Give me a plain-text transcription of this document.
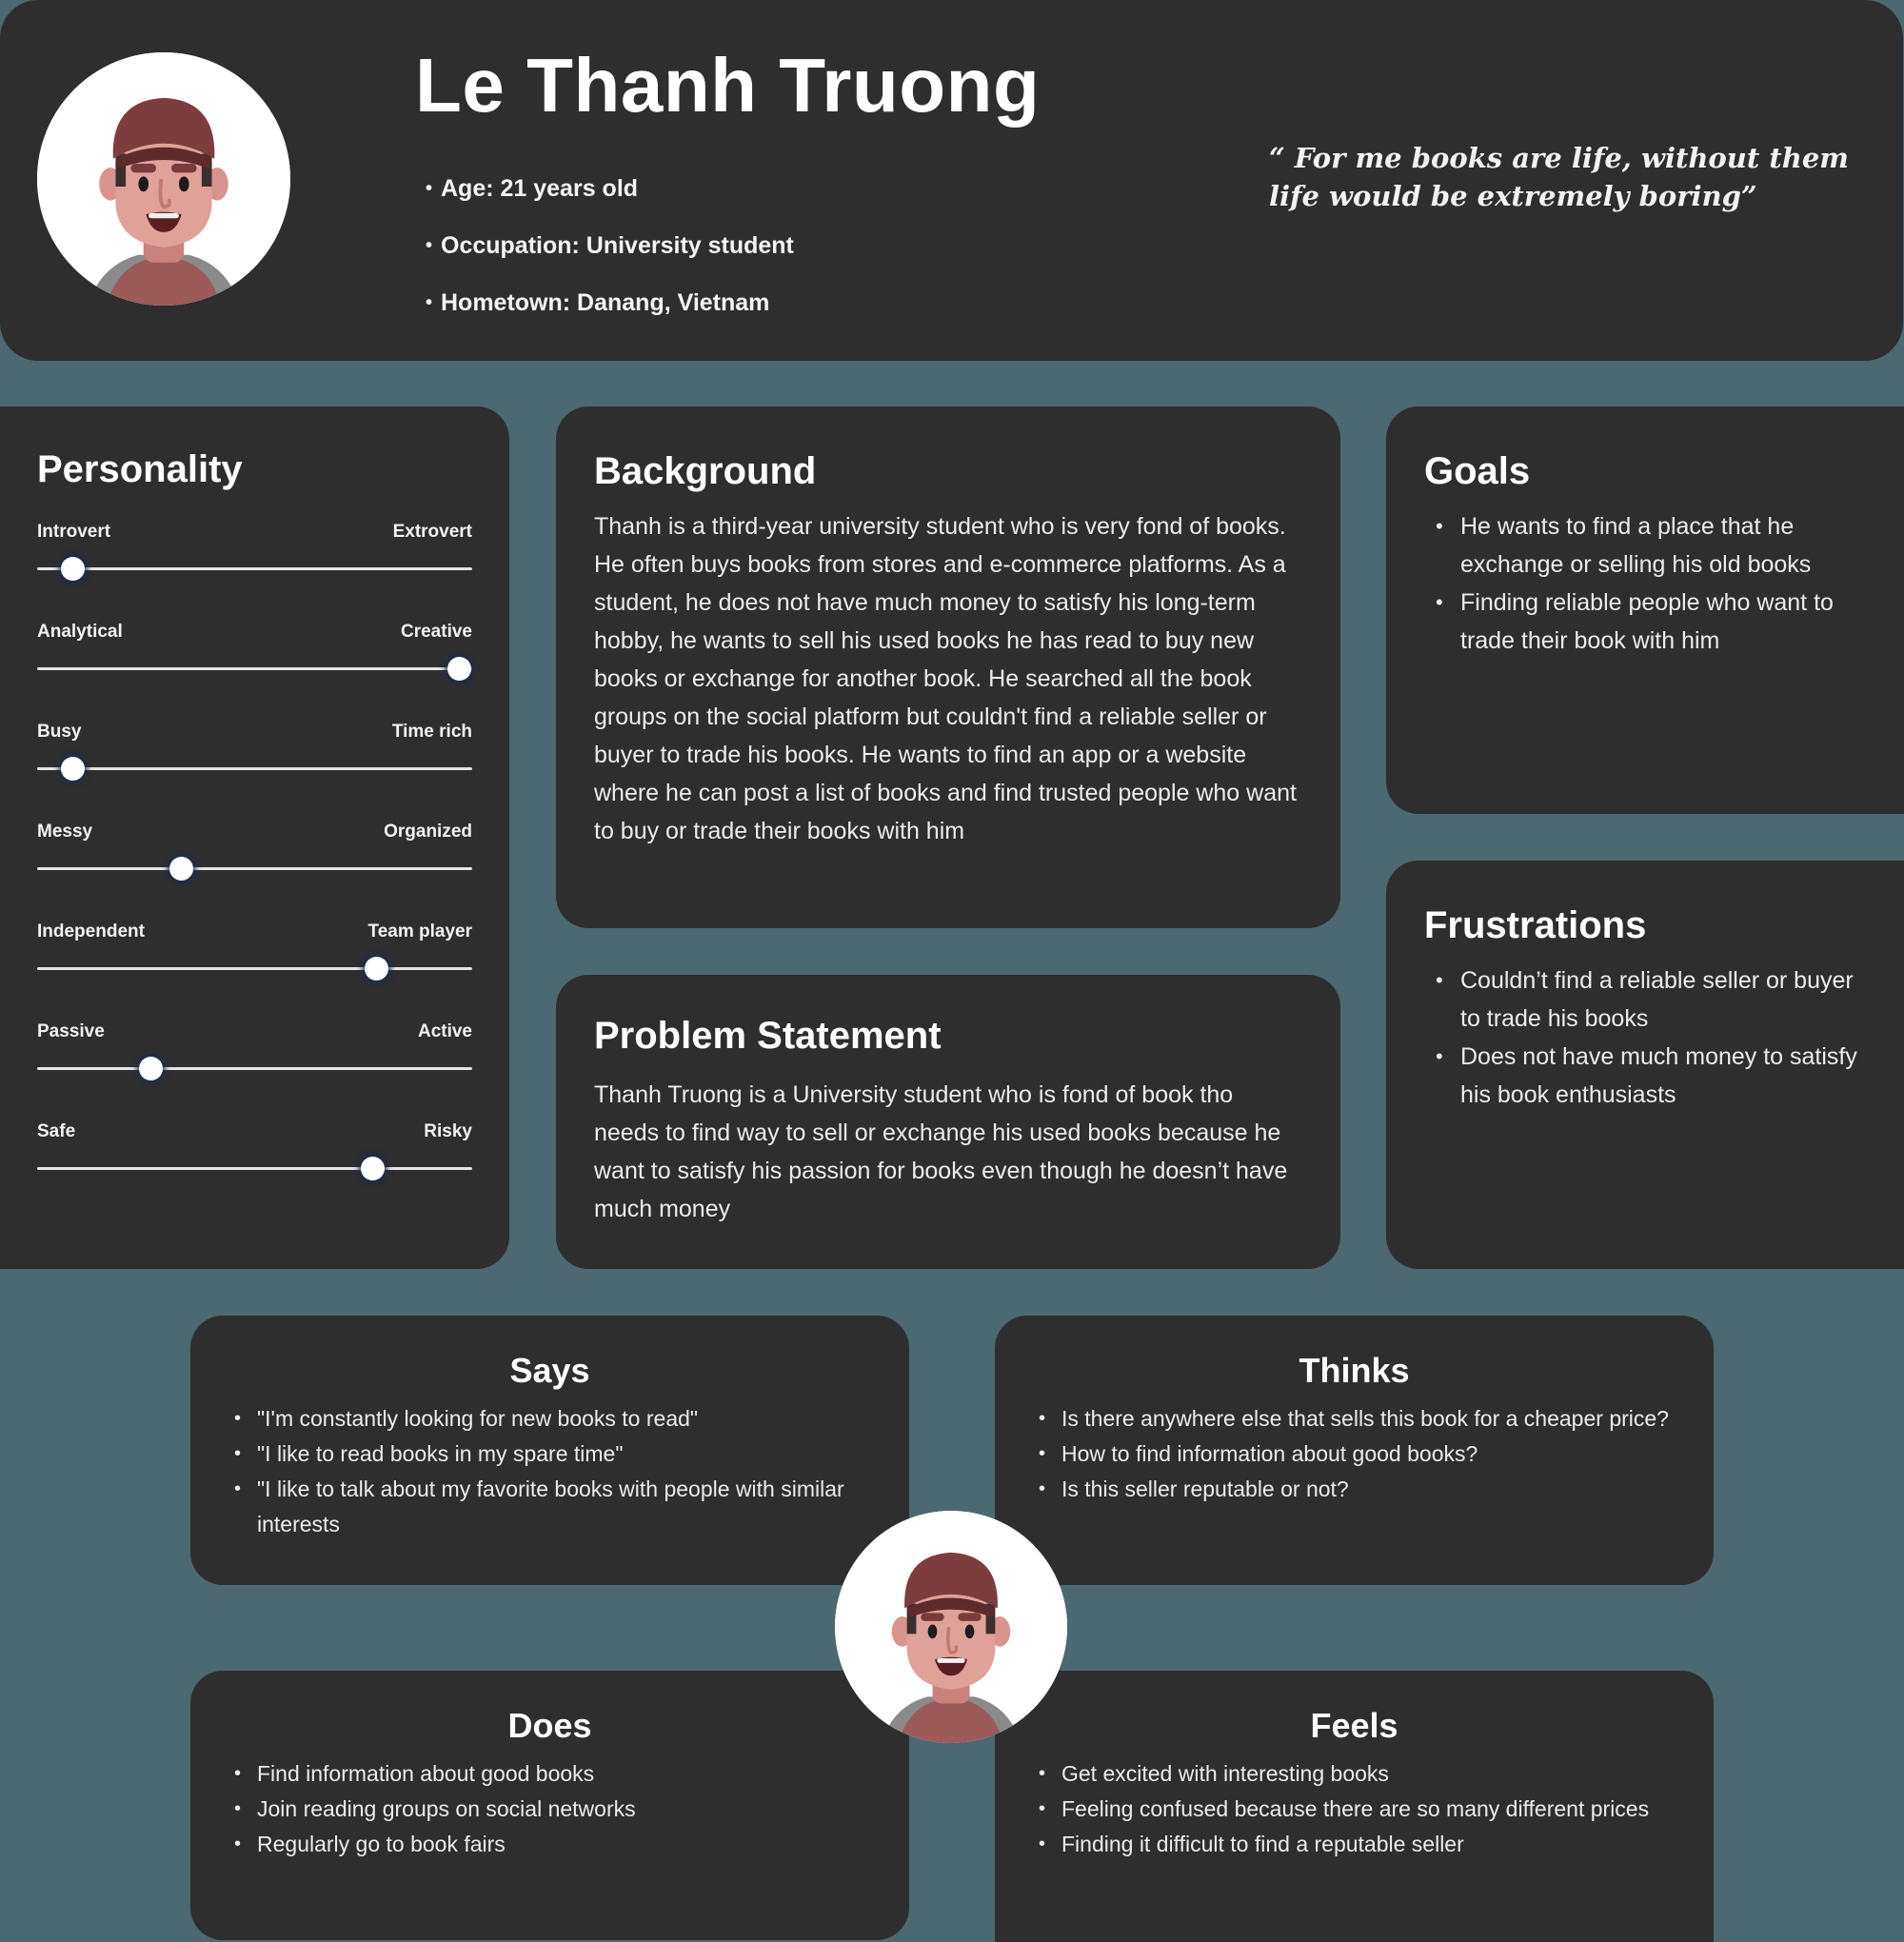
Le Thanh Truong
• Age: 21 years old
• Occupation: University student
• Hometown: Danang, Vietnam
“ For me books are life, without them life would be extremely boring”
Personality
Introvert	Extrovert
Analytical	Creative
Busy	Time rich
Messy	Organized
Independent	Team player
Passive	Active
Safe	Risky
Background

Thanh is a third-year university student who is very fond of books. He often buys books from stores and e-commerce platforms. As a student, he does not have much money to satisfy his long-term hobby, he wants to sell his used books he has read to buy new books or exchange for another book. He searched all the book groups on the social platform but couldn't find a reliable seller or buyer to trade his books. He wants to find an app or a website where he can post a list of books and find trusted people who want to buy or trade their books with him

Problem Statement

Thanh Truong is a University student who is fond of book tho needs to find way to sell or exchange his used books because he want to satisfy his passion for books even though he doesn’t have much money

Goals
• He wants to find a place that he exchange or selling his old books
• Finding reliable people who want to trade their book with him
Frustrations
• Couldn’t find a reliable seller or buyer to trade his books
• Does not have much money to satisfy his book enthusiasts
Says
• "I'm constantly looking for new books to read"
• "I like to read books in my spare time"
• "I like to talk about my favorite books with people with similar interests
Thinks
• Is there anywhere else that sells this book for a cheaper price?
• How to find information about good books?
• Is this seller reputable or not?
Does
• Find information about good books
• Join reading groups on social networks
• Regularly go to book fairs
Feels
• Get excited with interesting books
• Feeling confused because there are so many different prices
• Finding it difficult to find a reputable seller
